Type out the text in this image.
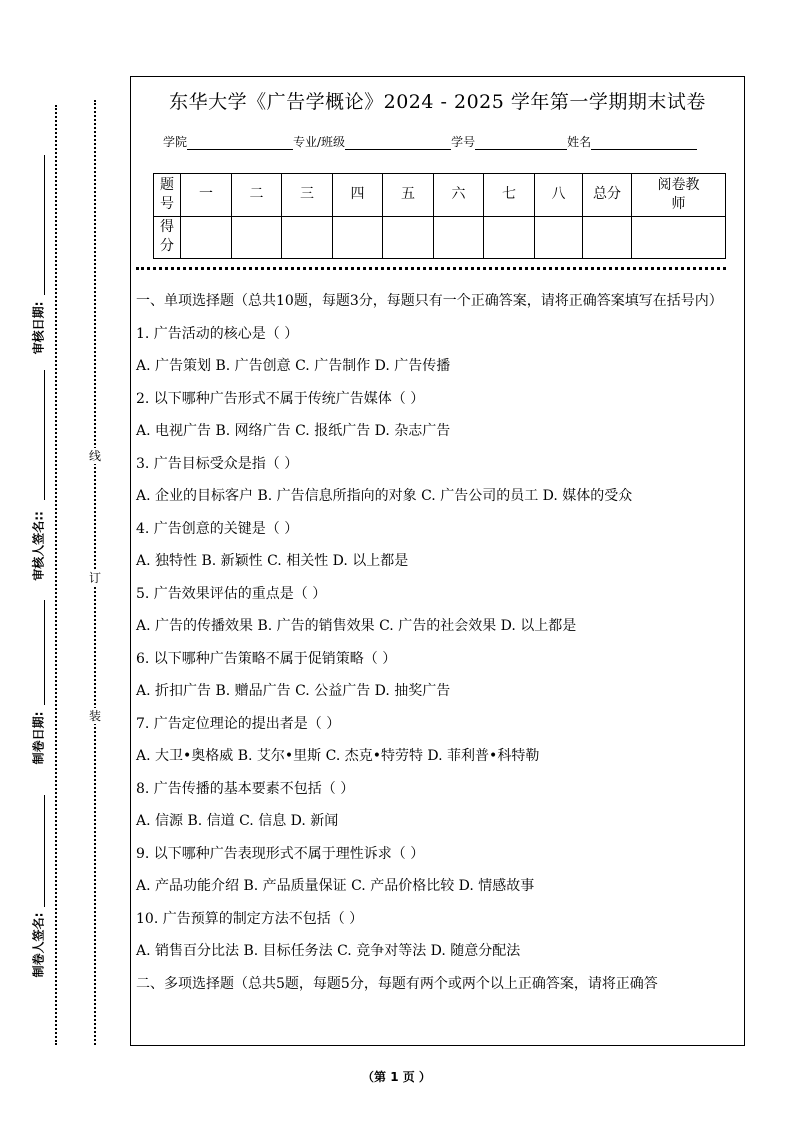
审核日期:
审核人签名::
制卷日期:
制卷人签名:
线
订
装
东华大学《广告学概论》2024 - 2025 学年第一学期期末试卷
学院	专业/班级	学号	姓名
题号	一	二	三	四	五	六	七	八	总分	阅卷教师
得分										
一、单项选择题（总共10题，每题3分，每题只有一个正确答案，请将正确答案填写在括号内）

1. 广告活动的核心是（ ）

A. 广告策划 B. 广告创意 C. 广告制作 D. 广告传播

2. 以下哪种广告形式不属于传统广告媒体（ ）

A. 电视广告 B. 网络广告 C. 报纸广告 D. 杂志广告

3. 广告目标受众是指（ ）

A. 企业的目标客户 B. 广告信息所指向的对象 C. 广告公司的员工 D. 媒体的受众

4. 广告创意的关键是（ ）

A. 独特性 B. 新颖性 C. 相关性 D. 以上都是

5. 广告效果评估的重点是（ ）

A. 广告的传播效果 B. 广告的销售效果 C. 广告的社会效果 D. 以上都是

6. 以下哪种广告策略不属于促销策略（ ）

A. 折扣广告 B. 赠品广告 C. 公益广告 D. 抽奖广告

7. 广告定位理论的提出者是（ ）

A. 大卫•奥格威 B. 艾尔•里斯 C. 杰克•特劳特 D. 菲利普•科特勒

8. 广告传播的基本要素不包括（ ）

A. 信源 B. 信道 C. 信息 D. 新闻

9. 以下哪种广告表现形式不属于理性诉求（ ）

A. 产品功能介绍 B. 产品质量保证 C. 产品价格比较 D. 情感故事

10. 广告预算的制定方法不包括（ ）

A. 销售百分比法 B. 目标任务法 C. 竞争对等法 D. 随意分配法

二、多项选择题（总共5题，每题5分，每题有两个或两个以上正确答案，请将正确答
（第 1 页 ）
